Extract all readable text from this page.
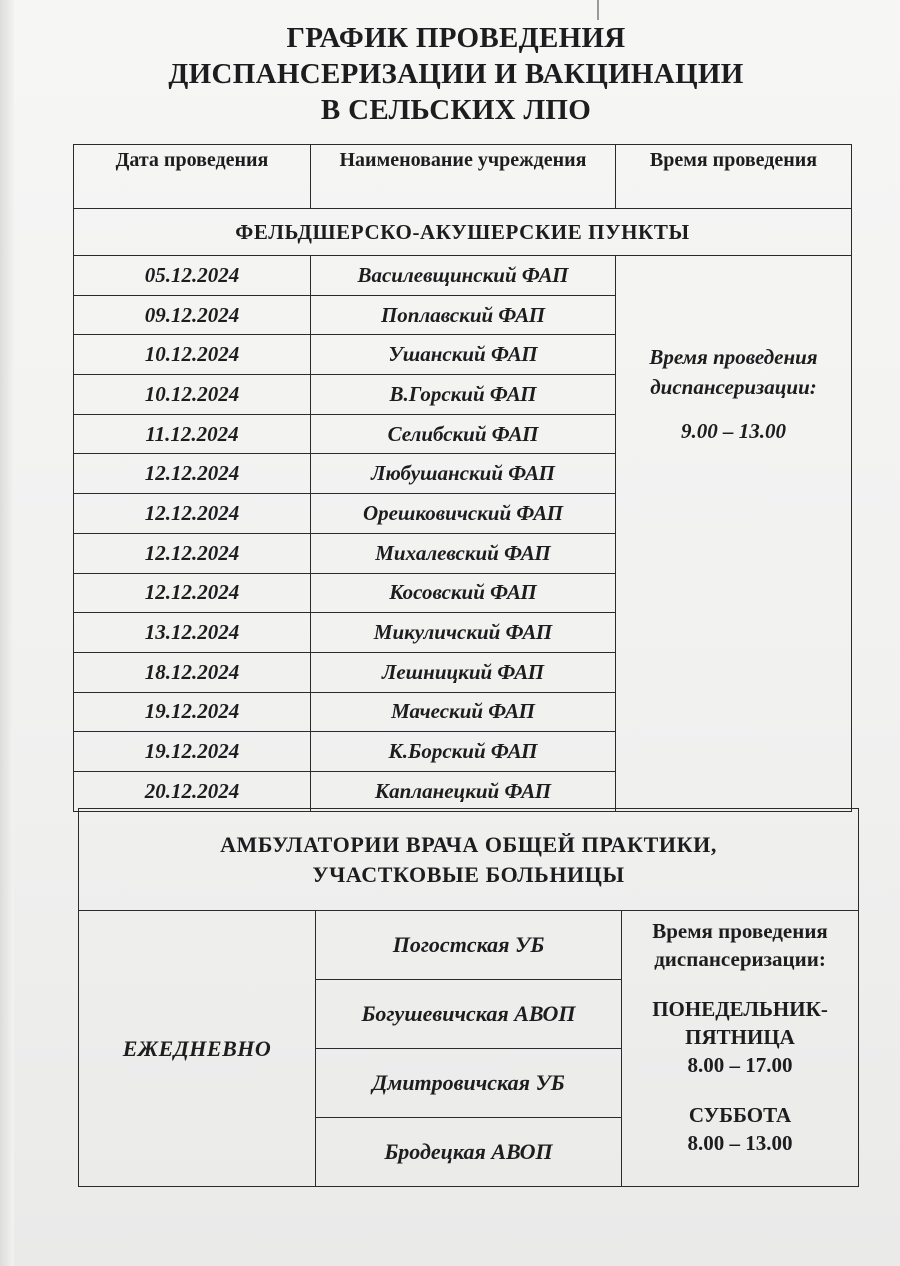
ГРАФИК ПРОВЕДЕНИЯ
ДИСПАНСЕРИЗАЦИИ И ВАКЦИНАЦИИ
В СЕЛЬСКИХ ЛПО
Дата проведения	Наименование учреждения	Время проведения
ФЕЛЬДШЕРСКО-АКУШЕРСКИЕ ПУНКТЫ		
05.12.2024	Василевщинский ФАП	Время проведения
диспансеризации:
9.00 – 13.00

09.12.2024	Поплавский ФАП	
10.12.2024	Ушанский ФАП	
10.12.2024	В.Горский ФАП	
11.12.2024	Селибский ФАП	
12.12.2024	Любушанский ФАП	
12.12.2024	Орешковичский ФАП	
12.12.2024	Михалевский ФАП	
12.12.2024	Косовский ФАП	
13.12.2024	Микуличский ФАП	
18.12.2024	Лешницкий ФАП	
19.12.2024	Маческий ФАП	
19.12.2024	К.Борский ФАП	
20.12.2024	Капланецкий ФАП	
АМБУЛАТОРИИ ВРАЧА ОБЩЕЙ ПРАКТИКИ,
УЧАСТКОВЫЕ БОЛЬНИЦЫ

ЕЖЕДНЕВНО	Погостская УБ	
Время проведения
диспансеризации:
ПОНЕДЕЛЬНИК-
ПЯТНИЦА
8.00 – 17.00
СУББОТА
8.00 – 13.00

Богушевичская АВОП
Дмитровичская УБ
Бродецкая АВОП
